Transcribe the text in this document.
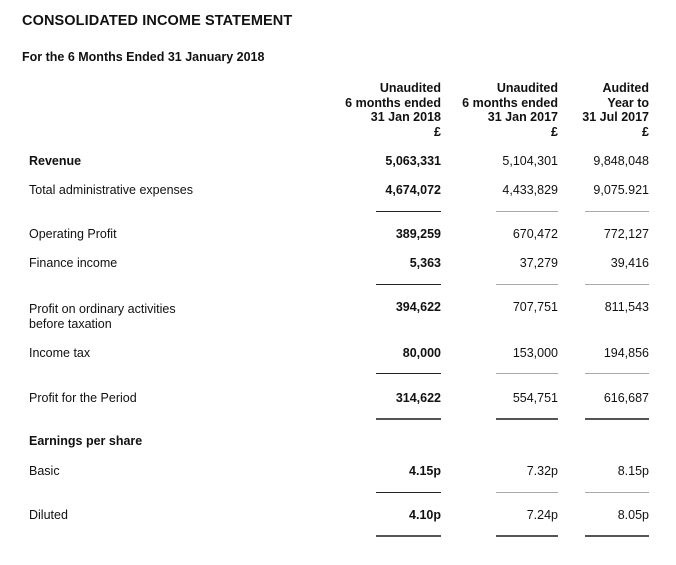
CONSOLIDATED INCOME STATEMENT
For the 6 Months Ended 31 January 2018
Unaudited
6 months ended
31 Jan 2018
£
Unaudited
6 months ended
31 Jan 2017
£
Audited
Year to
31 Jul 2017
£
Revenue	5,063,331	5,104,301	9,848,048
Total administrative expenses	4,674,072	4,433,829	9,075.921
Operating Profit	389,259	670,472	772,127
Finance income	5,363	37,279	39,416
Profit on ordinary activities
before taxation
394,622	707,751	811,543
Income tax	80,000	153,000	194,856
Profit for the Period	314,622	554,751	616,687
Earnings per share
Basic	4.15p	7.32p	8.15p
Diluted	4.10p	7.24p	8.05p
